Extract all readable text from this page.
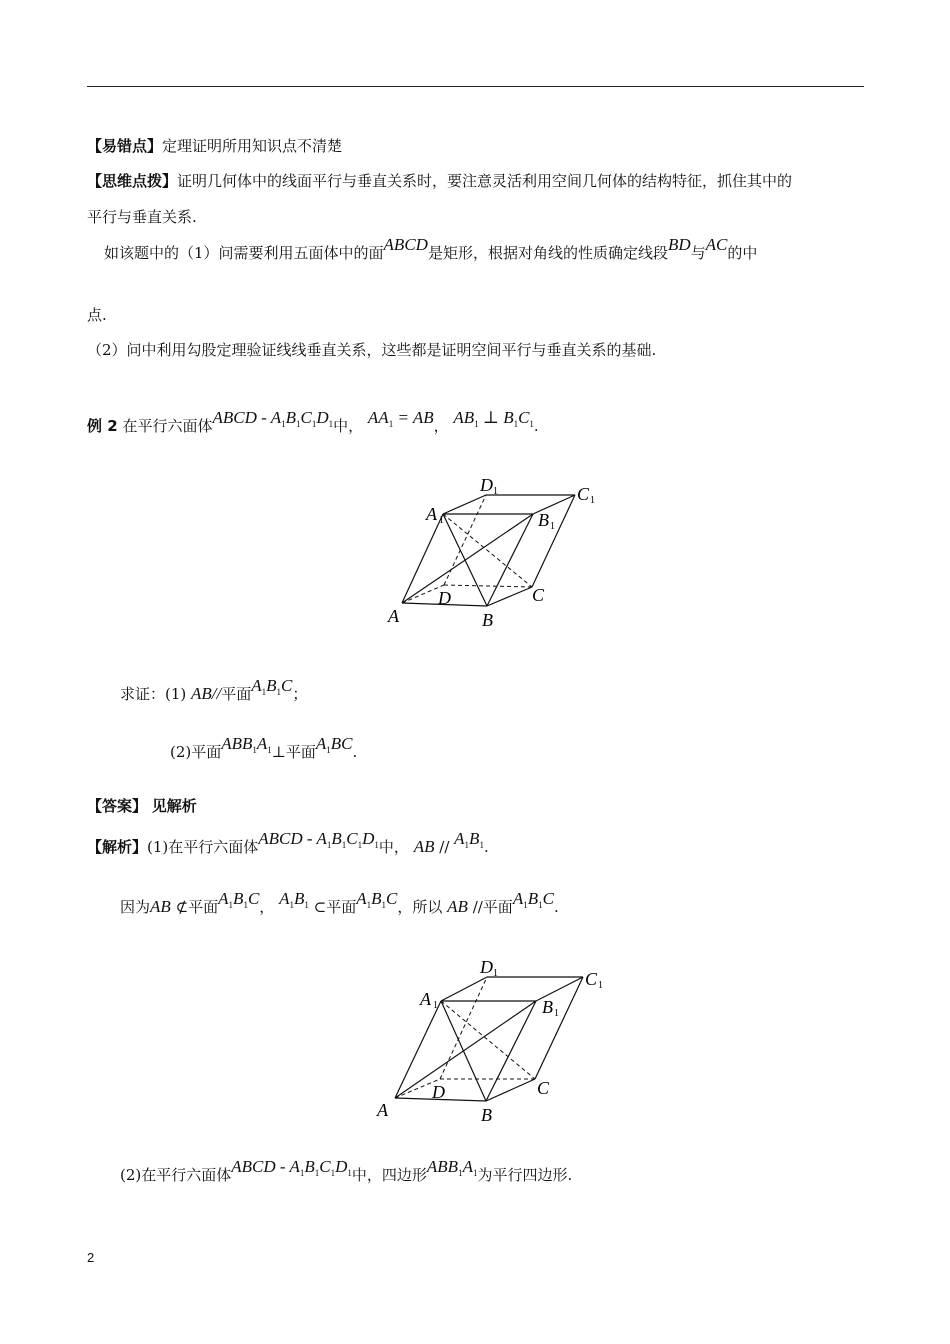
【易错点】定理证明所用知识点不清楚
【思维点拨】证明几何体中的线面平行与垂直关系时，要注意灵活利用空间几何体的结构特征，抓住其中的
平行与垂直关系.
如该题中的（1）问需要利用五面体中的面ABCD是矩形，根据对角线的性质确定线段BD与AC的中
点.
（2）问中利用勾股定理验证线线垂直关系，这些都是证明空间平行与垂直关系的基础.
例 2 在平行六面体ABCD - $A_1B_1C_1D_1$中， $AA_1$ = AB， $AB_1$ ⊥ $B_1C_1$.
A	B
C
D
A 1	B 1
C 1
D 1
求证：(1) AB//平面$A_1B_1C$；
(2)平面$ABB_1A_1\perp$平面$A_1BC$.
【答案】 见解析
【解析】(1)在平行六面体ABCD - $A_1B_1C_1D_1$中， AB // $A_1B_1$.
因为AB ⊄平面$A_1B_1C$， $A_1B_1$ ⊂平面$A_1B_1C$，所以 AB //平面$A_1B_1C$.
A	B
C
D
A 1	B 1
C 1
D 1
(2)在平行六面体ABCD - $A_1B_1C_1D_1$中，四边形$ABB_1A_1$为平行四边形.
2
